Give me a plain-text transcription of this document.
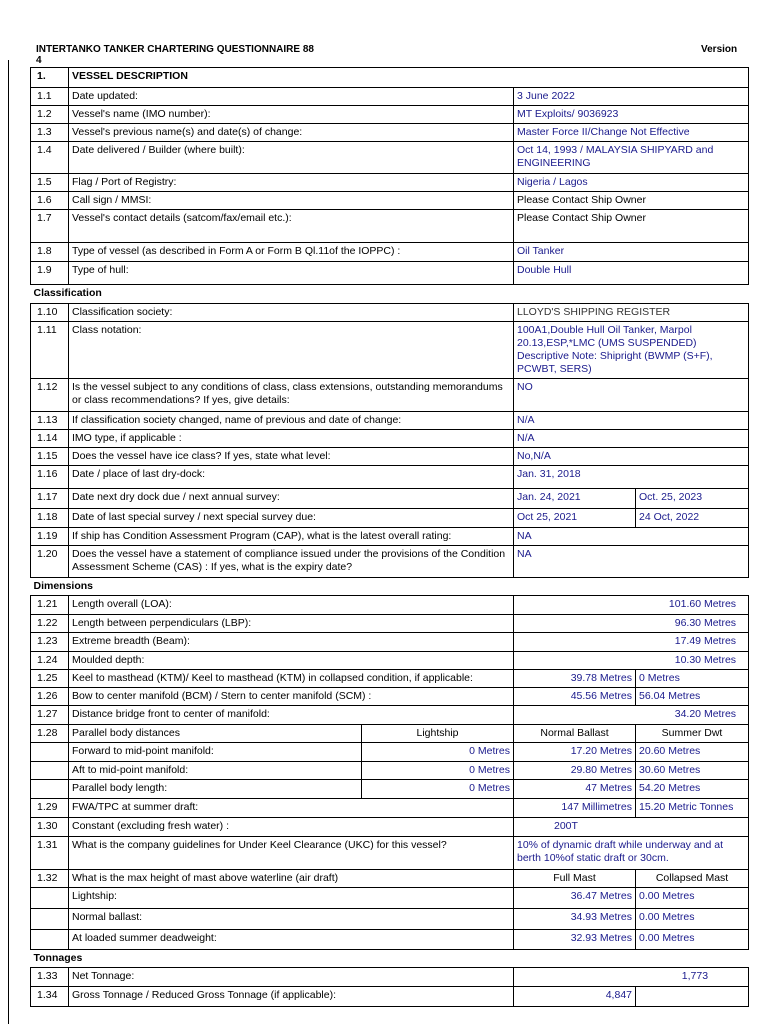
INTERTANKO TANKER CHARTERING QUESTIONNAIRE 88	Version
4
1.	VESSEL DESCRIPTION			
1.1	Date updated:		3 June 2022	
1.2	Vessel's name (IMO number):		MT Exploits/ 9036923	
1.3	Vessel's previous name(s) and date(s) of change:		Master Force II/Change Not Effective	
1.4	Date delivered / Builder (where built):		Oct 14, 1993 / MALAYSIA SHIPYARD and ENGINEERING	
1.5	Flag / Port of Registry:		Nigeria / Lagos	
1.6	Call sign / MMSI:		Please Contact Ship Owner	
1.7	Vessel's contact details (satcom/fax/email etc.):		Please Contact Ship Owner	
1.8	Type of vessel (as described in Form A or Form B Ql.11of the IOPPC) :		Oil Tanker	
1.9	Type of hull:		Double Hull	
Classification				
1.10	Classification society:		LLOYD'S SHIPPING REGISTER	
1.11	Class notation:		100A1,Double Hull Oil Tanker, Marpol 20.13,ESP,*LMC (UMS SUSPENDED) Descriptive Note: Shipright (BWMP (S+F), PCWBT, SERS)	
1.12	Is the vessel subject to any conditions of class, class extensions, outstanding memorandums or class recommendations? If yes, give details:		NO	
1.13	If classification society changed, name of previous and date of change:		N/A	
1.14	IMO type, if applicable :		N/A	
1.15	Does the vessel have ice class? If yes, state what level:		No,N/A	
1.16	Date / place of last dry-dock:		Jan. 31, 2018	
1.17	Date next dry dock due / next annual survey:		Jan. 24, 2021	Oct. 25, 2023
1.18	Date of last special survey / next special survey due:		Oct 25, 2021	24 Oct, 2022
1.19	If ship has Condition Assessment Program (CAP), what is the latest overall rating:		NA	
1.20	Does the vessel have a statement of compliance issued under the provisions of the Condition Assessment Scheme (CAS) : If yes, what is the expiry date?		NA	
Dimensions				
1.21	Length overall (LOA):		101.60 Metres	
1.22	Length between perpendiculars (LBP):		96.30 Metres	
1.23	Extreme breadth (Beam):		17.49 Metres	
1.24	Moulded depth:		10.30 Metres	
1.25	Keel to masthead (KTM)/ Keel to masthead (KTM) in collapsed condition, if applicable:		39.78 Metres	0 Metres
1.26	Bow to center manifold (BCM) / Stern to center manifold (SCM) :		45.56 Metres	56.04 Metres
1.27	Distance bridge front to center of manifold:		34.20 Metres	
1.28	Parallel body distances	Lightship	Normal Ballast	Summer Dwt
	Forward to mid-point manifold:	0 Metres	17.20 Metres	20.60 Metres
	Aft to mid-point manifold:	0 Metres	29.80 Metres	30.60 Metres
	Parallel body length:	0 Metres	47 Metres	54.20 Metres
1.29	FWA/TPC at summer draft:		147 Millimetres	15.20 Metric Tonnes
1.30	Constant (excluding fresh water) :		200T	
1.31	What is the company guidelines for Under Keel Clearance (UKC) for this vessel?		10% of dynamic draft while underway and at berth 10%of static draft or 30cm.	
1.32	What is the max height of mast above waterline (air draft)		Full Mast	Collapsed Mast
	Lightship:		36.47 Metres	0.00 Metres
	Normal ballast:		34.93 Metres	0.00 Metres
	At loaded summer deadweight:		32.93 Metres	0.00 Metres
Tonnages				
1.33	Net Tonnage:		1,773	
1.34	Gross Tonnage / Reduced Gross Tonnage (if applicable):		4,847	
